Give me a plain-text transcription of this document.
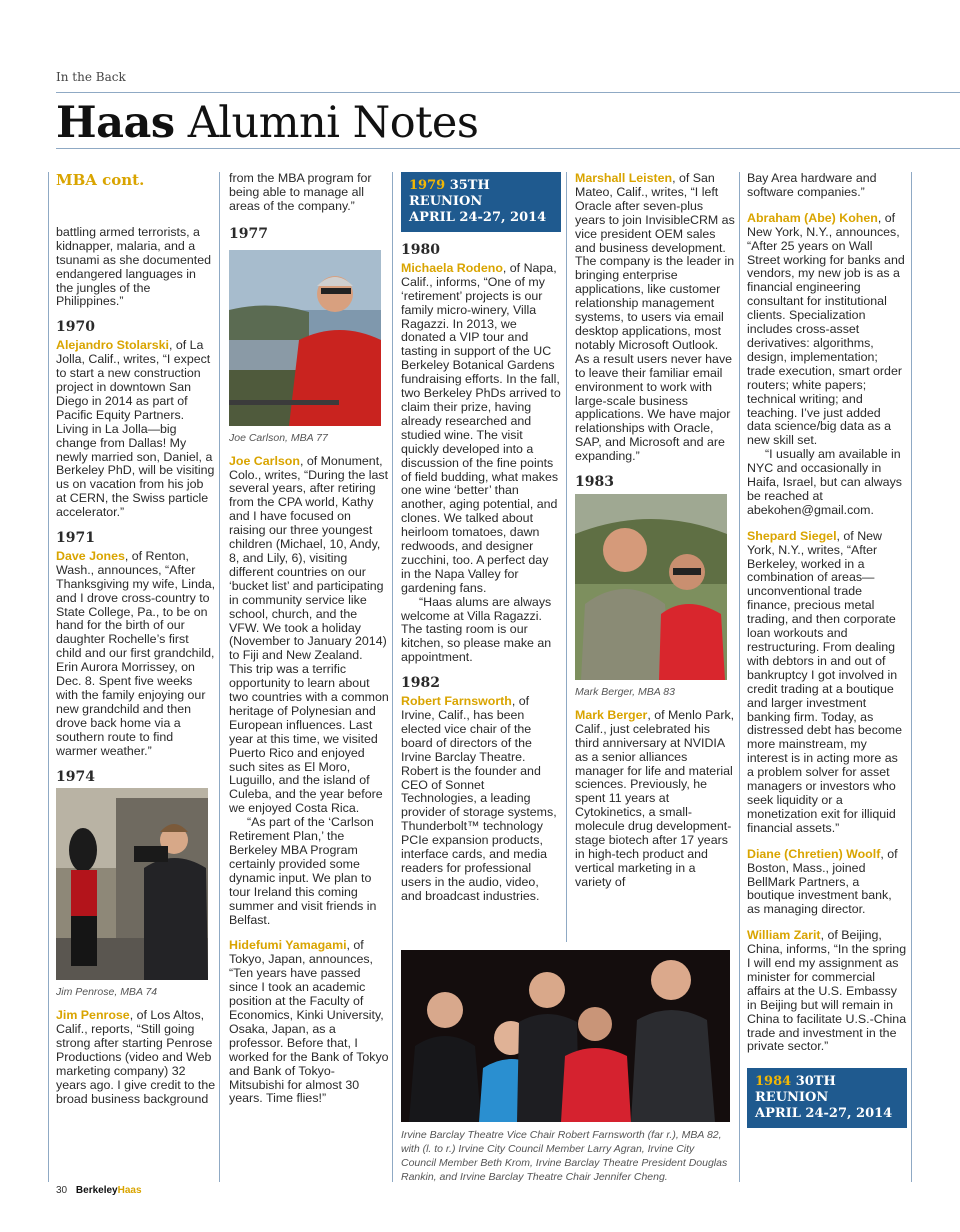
In the Back
Haas Alumni Notes
MBA cont.

battling armed terrorists, a kidnapper, malaria, and a tsunami as she documented endangered languages in the jungles of the Philippines.”

1970

Alejandro Stolarski, of La Jolla, Calif., writes, “I expect to start a new construction project in downtown San Diego in 2014 as part of Pacific Equity Partners. Living in La Jolla—big change from Dallas! My newly married son, Daniel, a Berkeley PhD, will be visiting us on vacation from his job at CERN, the Swiss particle accelerator.”

1971

Dave Jones, of Renton, Wash., announces, “After Thanksgiving my wife, Linda, and I drove cross-country to State College, Pa., to be on hand for the birth of our daughter Rochelle’s first child and our first grandchild, Erin Aurora Morrissey, on Dec. 8. Spent five weeks with the family enjoying our new grandchild and then drove back home via a southern route to find warmer weather.”

1974
Jim Penrose, MBA 74

Jim Penrose, of Los Altos, Calif., reports, “Still going strong after starting Penrose Productions (video and Web marketing company) 32 years ago. I give credit to the broad business background

from the MBA program for being able to manage all areas of the company.”

1977
Joe Carlson, MBA 77

Joe Carlson, of Monument, Colo., writes, “During the last several years, after retiring from the CPA world, Kathy and I have focused on raising our three youngest children (Michael, 10, Andy, 8, and Lily, 6), visiting different countries on our ‘bucket list’ and participating in community service like school, church, and the VFW. We took a holiday (November to January 2014) to Fiji and New Zealand. This trip was a terrific opportunity to learn about two countries with a common heritage of Polynesian and European influences. Last year at this time, we visited Puerto Rico and enjoyed such sites as El Moro, Luguillo, and the island of Culeba, and the year before we enjoyed Costa Rica.

“As part of the ‘Carlson Retirement Plan,’ the Berkeley MBA Program certainly provided some dynamic input. We plan to tour Ireland this coming summer and visit friends in Belfast.

Hidefumi Yamagami, of Tokyo, Japan, announces, “Ten years have passed since I took an academic position at the Faculty of Economics, Kinki University, Osaka, Japan, as a professor. Before that, I worked for the Bank of Tokyo and Bank of Tokyo-Mitsubishi for almost 30 years. Time flies!”

1979 35TH REUNION
APRIL 24-27, 2014
1980

Michaela Rodeno, of Napa, Calif., informs, “One of my ‘retirement’ projects is our family micro-winery, Villa Ragazzi. In 2013, we donated a VIP tour and tasting in support of the UC Berkeley Botanical Gardens fundraising efforts. In the fall, two Berkeley PhDs arrived to claim their prize, having already researched and studied wine. The visit quickly developed into a discussion of the fine points of field budding, what makes one wine ‘better’ than another, aging potential, and clones. We talked about heirloom tomatoes, dawn redwoods, and designer zucchini, too. A perfect day in the Napa Valley for gardening fans.

“Haas alums are always welcome at Villa Ragazzi. The tasting room is our kitchen, so please make an appointment.

1982

Robert Farnsworth, of Irvine, Calif., has been elected vice chair of the board of directors of the Irvine Barclay Theatre. Robert is the founder and CEO of Sonnet Technologies, a leading provider of storage systems, Thunderbolt™ technology PCIe expansion products, interface cards, and media readers for professional users in the audio, video, and broadcast industries.

Marshall Leisten, of San Mateo, Calif., writes, “I left Oracle after seven-plus years to join InvisibleCRM as vice president OEM sales and business development. The company is the leader in bringing enterprise applications, like customer relationship management systems, to users via email desktop applications, most notably Microsoft Outlook. As a result users never have to leave their familiar email environment to work with large-scale business applications. We have major relationships with Oracle, SAP, and Microsoft and are expanding.”

1983
Mark Berger, MBA 83

Mark Berger, of Menlo Park, Calif., just celebrated his third anniversary at NVIDIA as a senior alliances manager for life and material sciences. Previously, he spent 11 years at Cytokinetics, a small-molecule drug development-stage biotech after 17 years in high-tech product and vertical marketing in a variety of

Bay Area hardware and software companies.”

Abraham (Abe) Kohen, of New York, N.Y., announces, “After 25 years on Wall Street working for banks and vendors, my new job is as a financial engineering consultant for institutional clients. Specialization includes cross-asset derivatives: algorithms, design, implementation; trade execution, smart order routers; white papers; technical writing; and teaching. I’ve just added data science/big data as a new skill set.

“I usually am available in NYC and occasionally in Haifa, Israel, but can always be reached at abekohen@gmail.com.

Shepard Siegel, of New York, N.Y., writes, “After Berkeley, worked in a combination of areas—unconventional trade finance, precious metal trading, and then corporate loan workouts and restructuring. From dealing with debtors in and out of bankruptcy I got involved in credit trading at a boutique and larger investment banking firm. Today, as distressed debt has become more mainstream, my interest is in acting more as a problem solver for asset managers or investors who seek liquidity or a monetization exit for illiquid financial assets.”

Diane (Chretien) Woolf, of Boston, Mass., joined BellMark Partners, a boutique investment bank, as managing director.

William Zarit, of Beijing, China, informs, “In the spring I will end my assignment as minister for commercial affairs at the U.S. Embassy in Beijing but will remain in China to facilitate U.S.-China trade and investment in the private sector.”

1984 30TH REUNION
APRIL 24-27, 2014
Irvine Barclay Theatre Vice Chair Robert Farnsworth (far r.), MBA 82, with (l. to r.) Irvine City Council Member Larry Agran, Irvine City Council Member Beth Krom, Irvine Barclay Theatre President Douglas Rankin, and Irvine Barclay Theatre Chair Jennifer Cheng.
30 BerkeleyHaas
